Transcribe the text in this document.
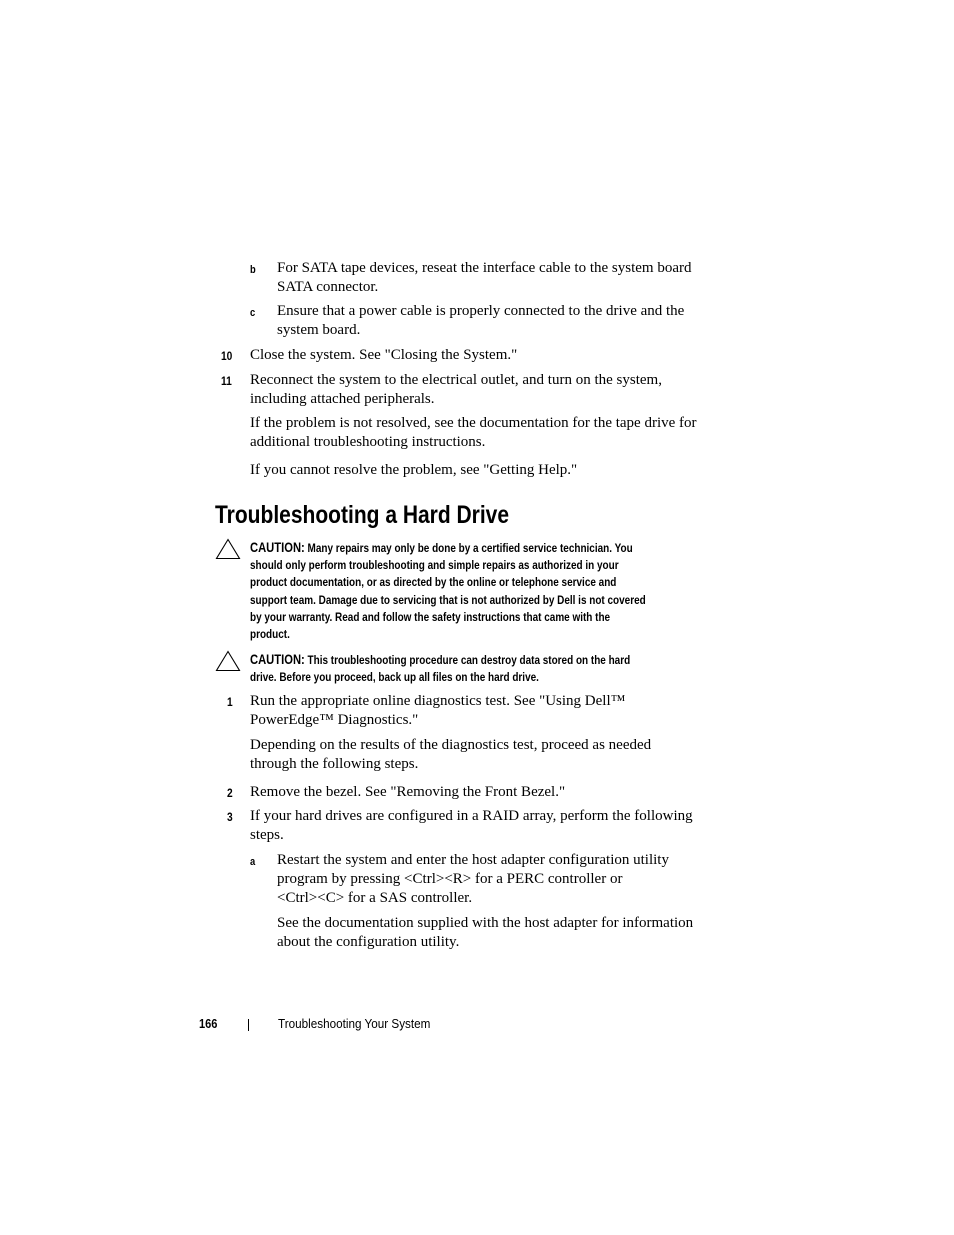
b For SATA tape devices, reseat the interface cable to the system board
SATA connector.
c Ensure that a power cable is properly connected to the drive and the
system board.
10 Close the system. See "Closing the System."
11 Reconnect the system to the electrical outlet, and turn on the system,
including attached peripherals.
If the problem is not resolved, see the documentation for the tape drive for
additional troubleshooting instructions.
If you cannot resolve the problem, see "Getting Help."
Troubleshooting a Hard Drive
CAUTION: Many repairs may only be done by a certified service technician. You
should only perform troubleshooting and simple repairs as authorized in your
product documentation, or as directed by the online or telephone service and
support team. Damage due to servicing that is not authorized by Dell is not covered
by your warranty. Read and follow the safety instructions that came with the
product.
CAUTION: This troubleshooting procedure can destroy data stored on the hard
drive. Before you proceed, back up all files on the hard drive.
1 Run the appropriate online diagnostics test. See "Using Dell™
PowerEdge™ Diagnostics."
Depending on the results of the diagnostics test, proceed as needed
through the following steps.
2 Remove the bezel. See "Removing the Front Bezel."
3 If your hard drives are configured in a RAID array, perform the following
steps.
a Restart the system and enter the host adapter configuration utility
program by pressing <Ctrl><R> for a PERC controller or
<Ctrl><C> for a SAS controller.
See the documentation supplied with the host adapter for information
about the configuration utility.
166	Troubleshooting Your System
